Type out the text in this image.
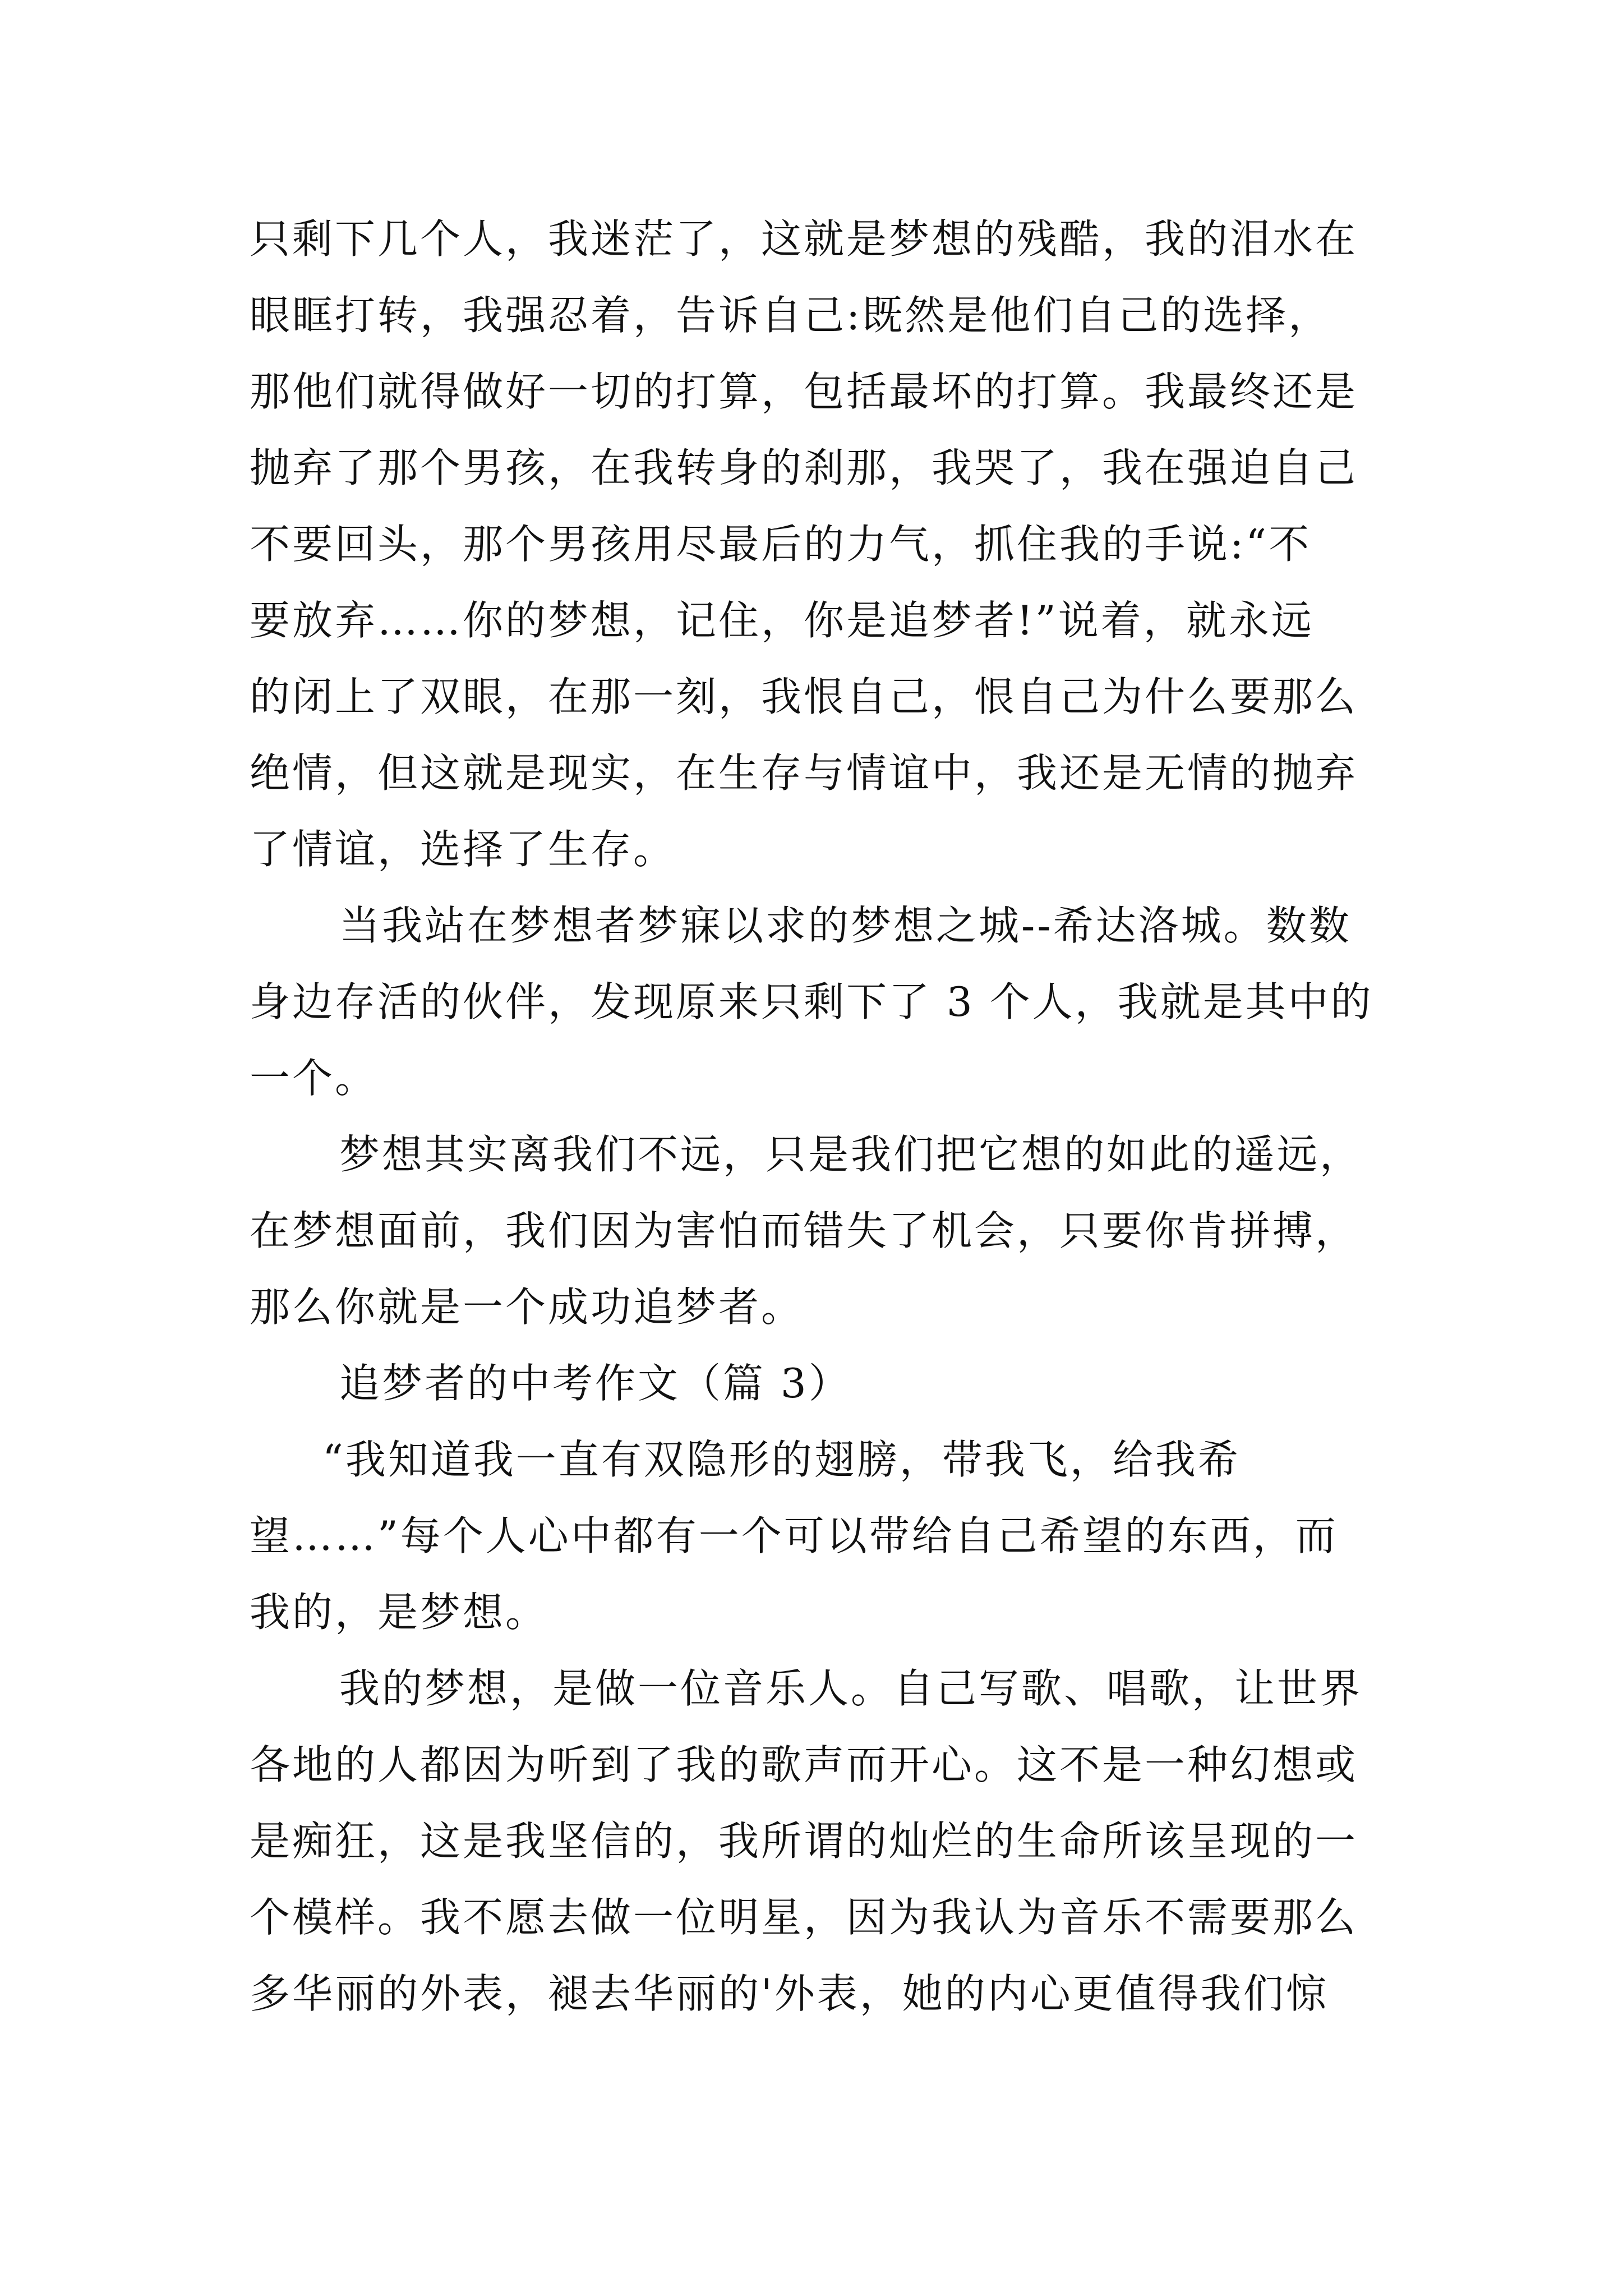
只剩下几个人，我迷茫了，这就是梦想的残酷，我的泪水在
眼眶打转，我强忍着，告诉自己:既然是他们自己的选择，
那他们就得做好一切的打算，包括最坏的打算。我最终还是
抛弃了那个男孩，在我转身的刹那，我哭了，我在强迫自己
不要回头，那个男孩用尽最后的力气，抓住我的手说:“不
要放弃……你的梦想，记住，你是追梦者!”说着，就永远
的闭上了双眼，在那一刻，我恨自己，恨自己为什么要那么
绝情，但这就是现实，在生存与情谊中，我还是无情的抛弃
了情谊，选择了生存。
当我站在梦想者梦寐以求的梦想之城--希达洛城。数数
身边存活的伙伴，发现原来只剩下了 3 个人，我就是其中的
一个。
梦想其实离我们不远，只是我们把它想的如此的遥远，
在梦想面前，我们因为害怕而错失了机会，只要你肯拼搏，
那么你就是一个成功追梦者。
追梦者的中考作文（篇 3）
“我知道我一直有双隐形的翅膀，带我飞，给我希
望……”每个人心中都有一个可以带给自己希望的东西，而
我的，是梦想。
我的梦想，是做一位音乐人。自己写歌、唱歌，让世界
各地的人都因为听到了我的歌声而开心。这不是一种幻想或
是痴狂，这是我坚信的，我所谓的灿烂的生命所该呈现的一
个模样。我不愿去做一位明星，因为我认为音乐不需要那么
多华丽的外表，褪去华丽的'外表，她的内心更值得我们惊
